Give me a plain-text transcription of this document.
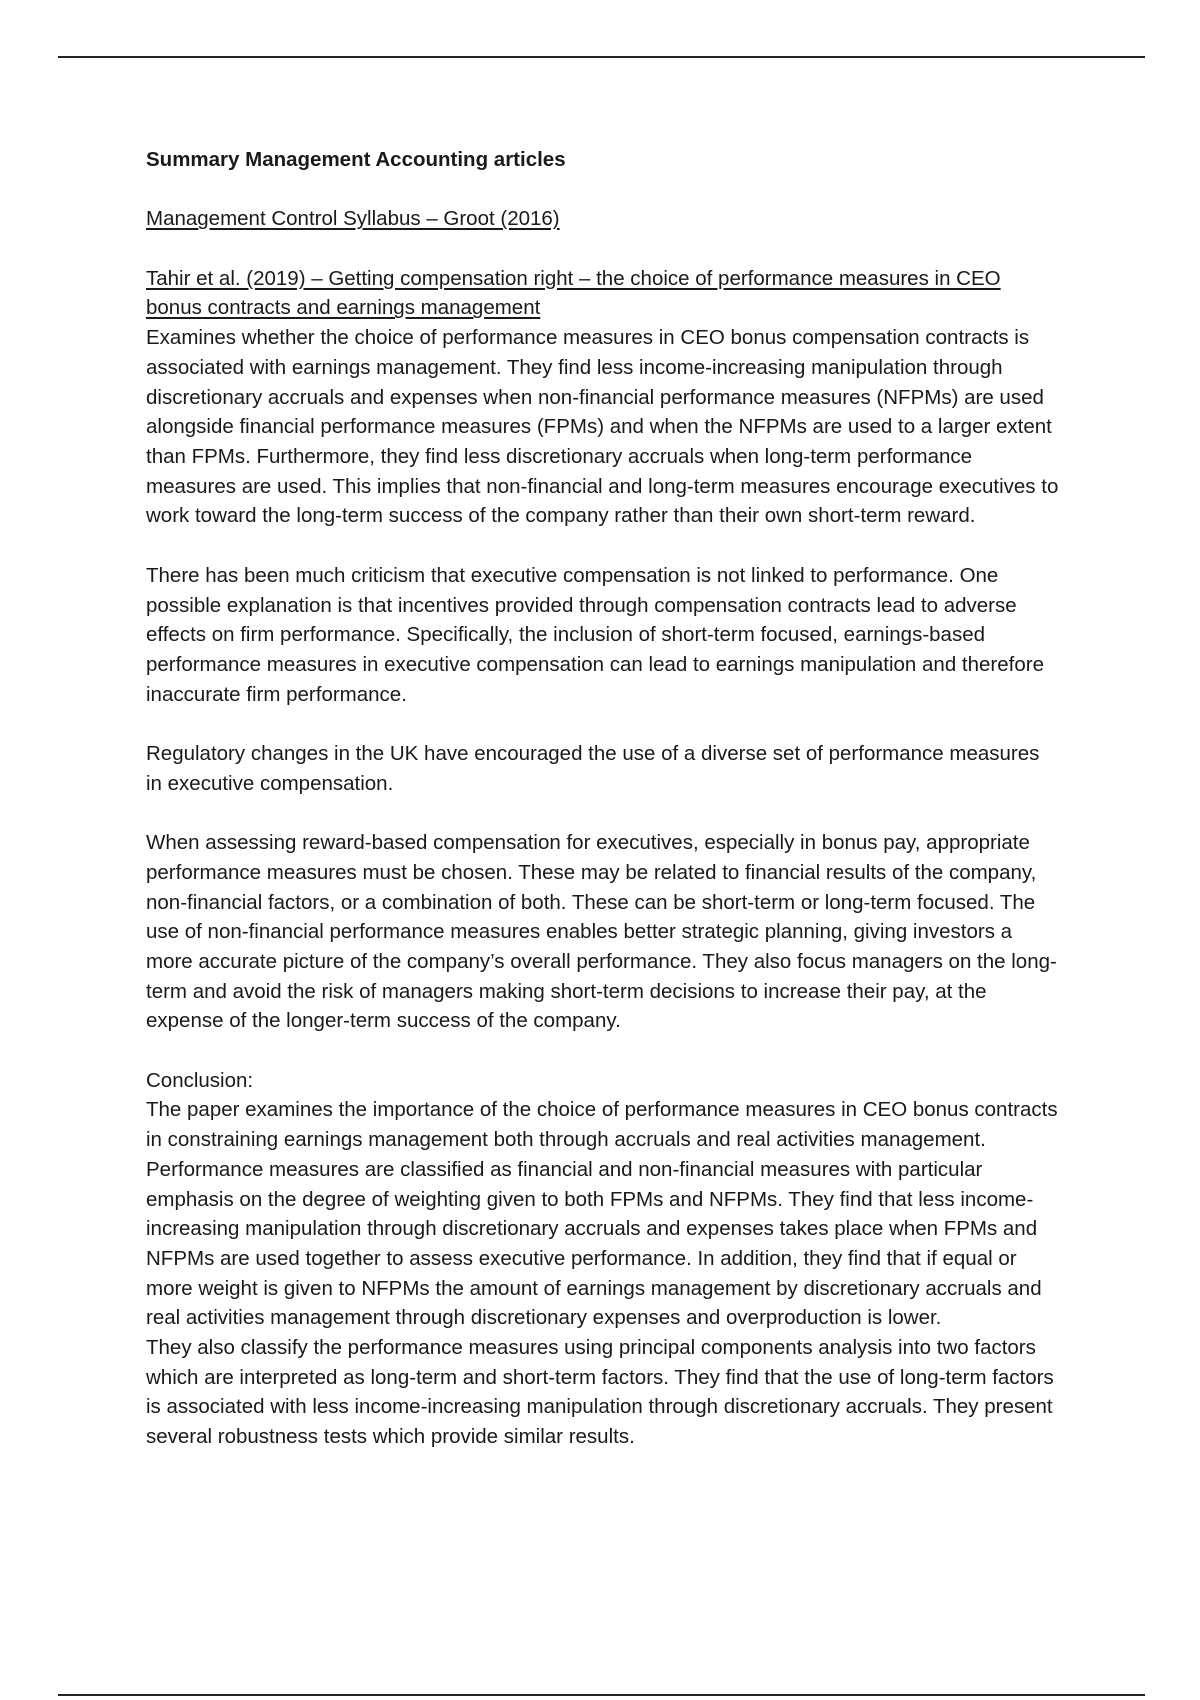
Summary Management Accounting articles
Management Control Syllabus – Groot (2016)
Tahir et al. (2019) – Getting compensation right – the choice of performance measures in CEO bonus contracts and earnings management

Examines whether the choice of performance measures in CEO bonus compensation contracts is associated with earnings management. They find less income-increasing manipulation through discretionary accruals and expenses when non-financial performance measures (NFPMs) are used alongside financial performance measures (FPMs) and when the NFPMs are used to a larger extent than FPMs. Furthermore, they find less discretionary accruals when long-term performance measures are used. This implies that non-financial and long-term measures encourage executives to work toward the long-term success of the company rather than their own short-term reward.

There has been much criticism that executive compensation is not linked to performance. One possible explanation is that incentives provided through compensation contracts lead to adverse effects on firm performance. Specifically, the inclusion of short-term focused, earnings-based performance measures in executive compensation can lead to earnings manipulation and therefore inaccurate firm performance.

Regulatory changes in the UK have encouraged the use of a diverse set of performance measures in executive compensation.

When assessing reward-based compensation for executives, especially in bonus pay, appropriate performance measures must be chosen. These may be related to financial results of the company, non-financial factors, or a combination of both. These can be short-term or long-term focused. The use of non-financial performance measures enables better strategic planning, giving investors a more accurate picture of the company’s overall performance. They also focus managers on the long-term and avoid the risk of managers making short-term decisions to increase their pay, at the expense of the longer-term success of the company.

Conclusion:

The paper examines the importance of the choice of performance measures in CEO bonus contracts in constraining earnings management both through accruals and real activities management. Performance measures are classified as financial and non-financial measures with particular emphasis on the degree of weighting given to both FPMs and NFPMs. They find that less income-increasing manipulation through discretionary accruals and expenses takes place when FPMs and NFPMs are used together to assess executive performance. In addition, they find that if equal or more weight is given to NFPMs the amount of earnings management by discretionary accruals and real activities management through discretionary expenses and overproduction is lower.

They also classify the performance measures using principal components analysis into two factors which are interpreted as long-term and short-term factors. They find that the use of long-term factors is associated with less income-increasing manipulation through discretionary accruals. They present several robustness tests which provide similar results.
